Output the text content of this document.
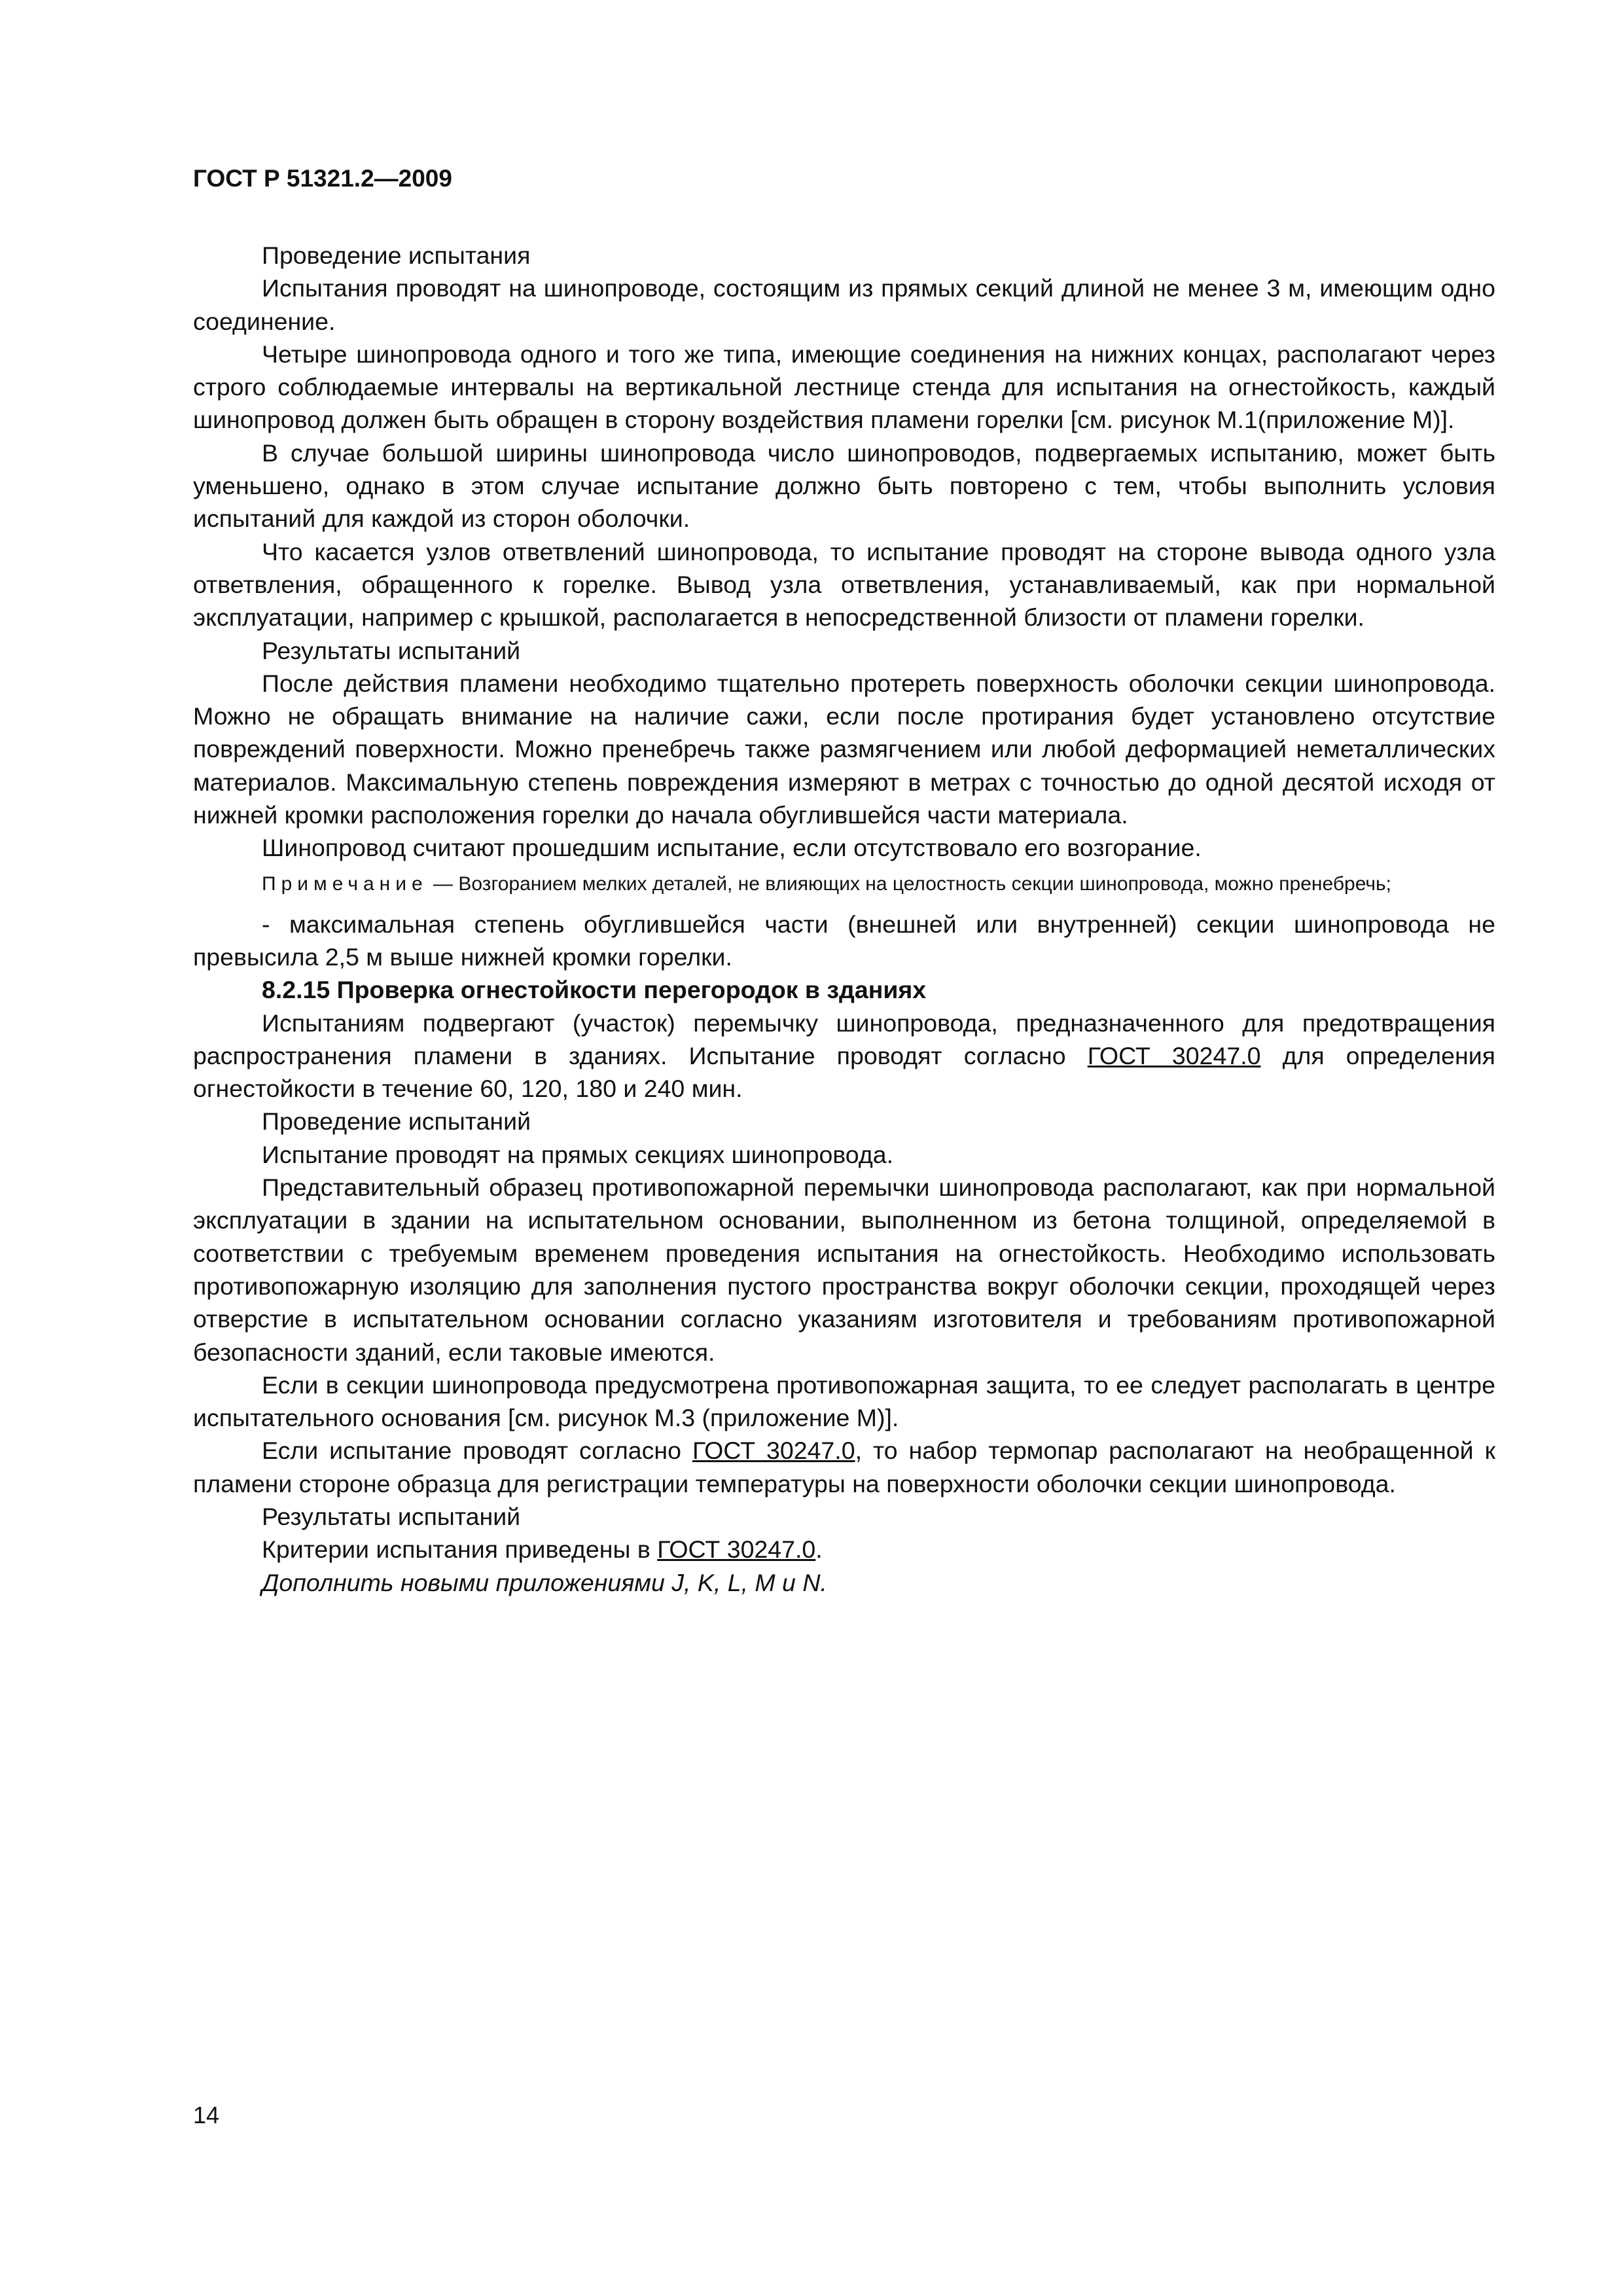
ГОСТ Р 51321.2—2009

Проведение испытания

Испытания проводят на шинопроводе, состоящим из прямых секций длиной не менее 3 м, имеющим одно соединение.

Четыре шинопровода одного и того же типа, имеющие соединения на нижних концах, располагают через строго соблюдаемые интервалы на вертикальной лестнице стенда для испытания на огнестойкость, каждый шинопровод должен быть обращен в сторону воздействия пламени горелки [см. рисунок М.1(приложение М)].

В случае большой ширины шинопровода число шинопроводов, подвергаемых испытанию, может быть уменьшено, однако в этом случае испытание должно быть повторено с тем, чтобы выполнить условия испытаний для каждой из сторон оболочки.

Что касается узлов ответвлений шинопровода, то испытание проводят на стороне вывода одного узла ответвления, обращенного к горелке. Вывод узла ответвления, устанавливаемый, как при нормальной эксплуатации, например с крышкой, располагается в непосредственной близости от пламени горелки.

Результаты испытаний

После действия пламени необходимо тщательно протереть поверхность оболочки секции шинопровода. Можно не обращать внимание на наличие сажи, если после протирания будет установлено отсутствие повреждений поверхности. Можно пренебречь также размягчением или любой деформацией неметаллических материалов. Максимальную степень повреждения измеряют в метрах с точностью до одной десятой исходя от нижней кромки расположения горелки до начала обуглившейся части материала.

Шинопровод считают прошедшим испытание, если отсутствовало его возгорание.

Примечание — Возгоранием мелких деталей, не влияющих на целостность секции шинопровода, можно пренебречь;

- максимальная степень обуглившейся части (внешней или внутренней) секции шинопровода не превысила 2,5 м выше нижней кромки горелки.

8.2.15 Проверка огнестойкости перегородок в зданиях

Испытаниям подвергают (участок) перемычку шинопровода, предназначенного для предотвращения распространения пламени в зданиях. Испытание проводят согласно ГОСТ 30247.0 для определения огнестойкости в течение 60, 120, 180 и 240 мин.

Проведение испытаний

Испытание проводят на прямых секциях шинопровода.

Представительный образец противопожарной перемычки шинопровода располагают, как при нормальной эксплуатации в здании на испытательном основании, выполненном из бетона толщиной, определяемой в соответствии с требуемым временем проведения испытания на огнестойкость. Необходимо использовать противопожарную изоляцию для заполнения пустого пространства вокруг оболочки секции, проходящей через отверстие в испытательном основании согласно указаниям изготовителя и требованиям противопожарной безопасности зданий, если таковые имеются.

Если в секции шинопровода предусмотрена противопожарная защита, то ее следует располагать в центре испытательного основания [см. рисунок М.3 (приложение М)].

Если испытание проводят согласно ГОСТ 30247.0, то набор термопар располагают на необращенной к пламени стороне образца для регистрации температуры на поверхности оболочки секции шинопровода.

Результаты испытаний

Критерии испытания приведены в ГОСТ 30247.0.

Дополнить новыми приложениями J, K, L, M и N.

14
